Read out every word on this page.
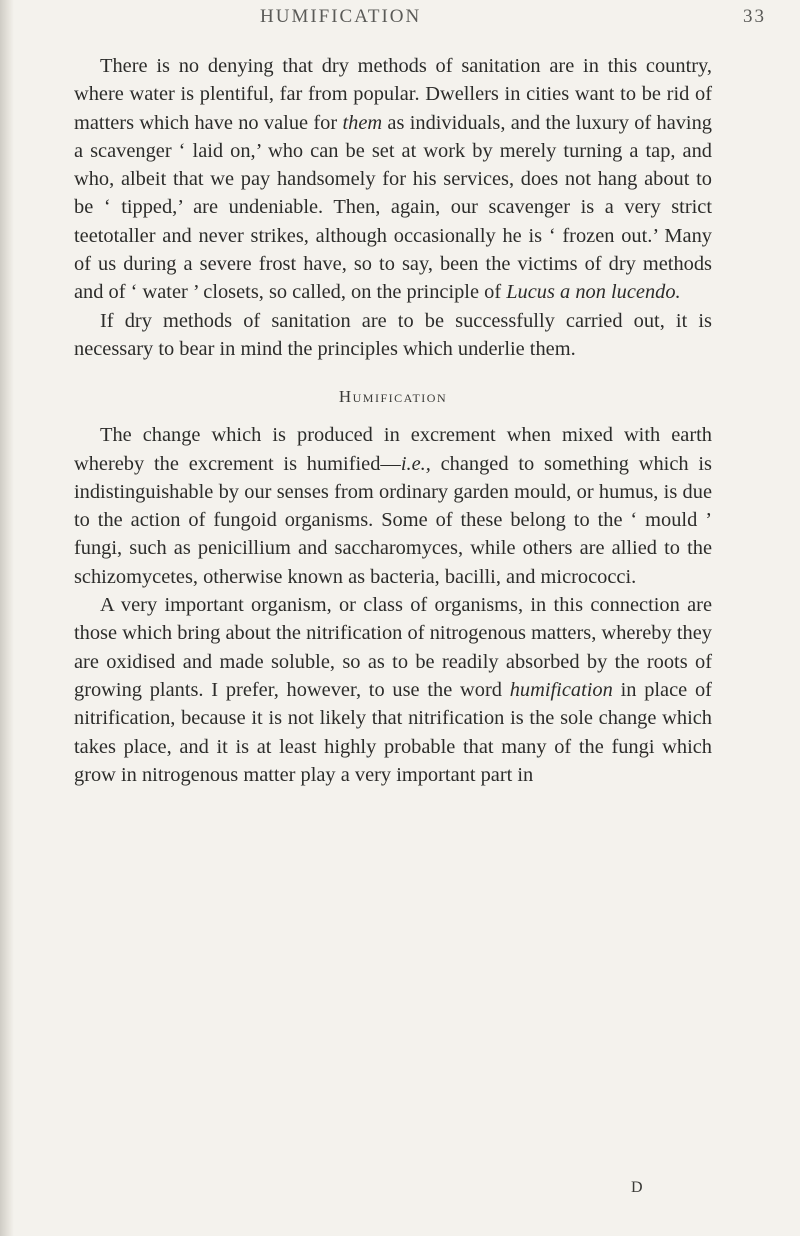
HUMIFICATION	33

There is no denying that dry methods of sanitation are in this country, where water is plentiful, far from popular. Dwellers in cities want to be rid of matters which have no value for them as individuals, and the luxury of having a scavenger ‘ laid on,’ who can be set at work by merely turning a tap, and who, albeit that we pay handsomely for his services, does not hang about to be ‘ tipped,’ are undeniable. Then, again, our scavenger is a very strict teetotaller and never strikes, although occasionally he is ‘ frozen out.’ Many of us during a severe frost have, so to say, been the victims of dry methods and of ‘ water ’ closets, so called, on the principle of Lucus a non lucendo.

If dry methods of sanitation are to be successfully carried out, it is necessary to bear in mind the principles which underlie them.

Humification

The change which is produced in excrement when mixed with earth whereby the excrement is humified—i.e., changed to something which is indistinguishable by our senses from ordinary garden mould, or humus, is due to the action of fungoid organisms. Some of these belong to the ‘ mould ’ fungi, such as penicillium and saccharomyces, while others are allied to the schizomycetes, otherwise known as bacteria, bacilli, and micrococci.

A very important organism, or class of organisms, in this connection are those which bring about the nitrification of nitrogenous matters, whereby they are oxidised and made soluble, so as to be readily absorbed by the roots of growing plants. I prefer, however, to use the word humification in place of nitrification, because it is not likely that nitrification is the sole change which takes place, and it is at least highly probable that many of the fungi which grow in nitrogenous matter play a very important part in

D
